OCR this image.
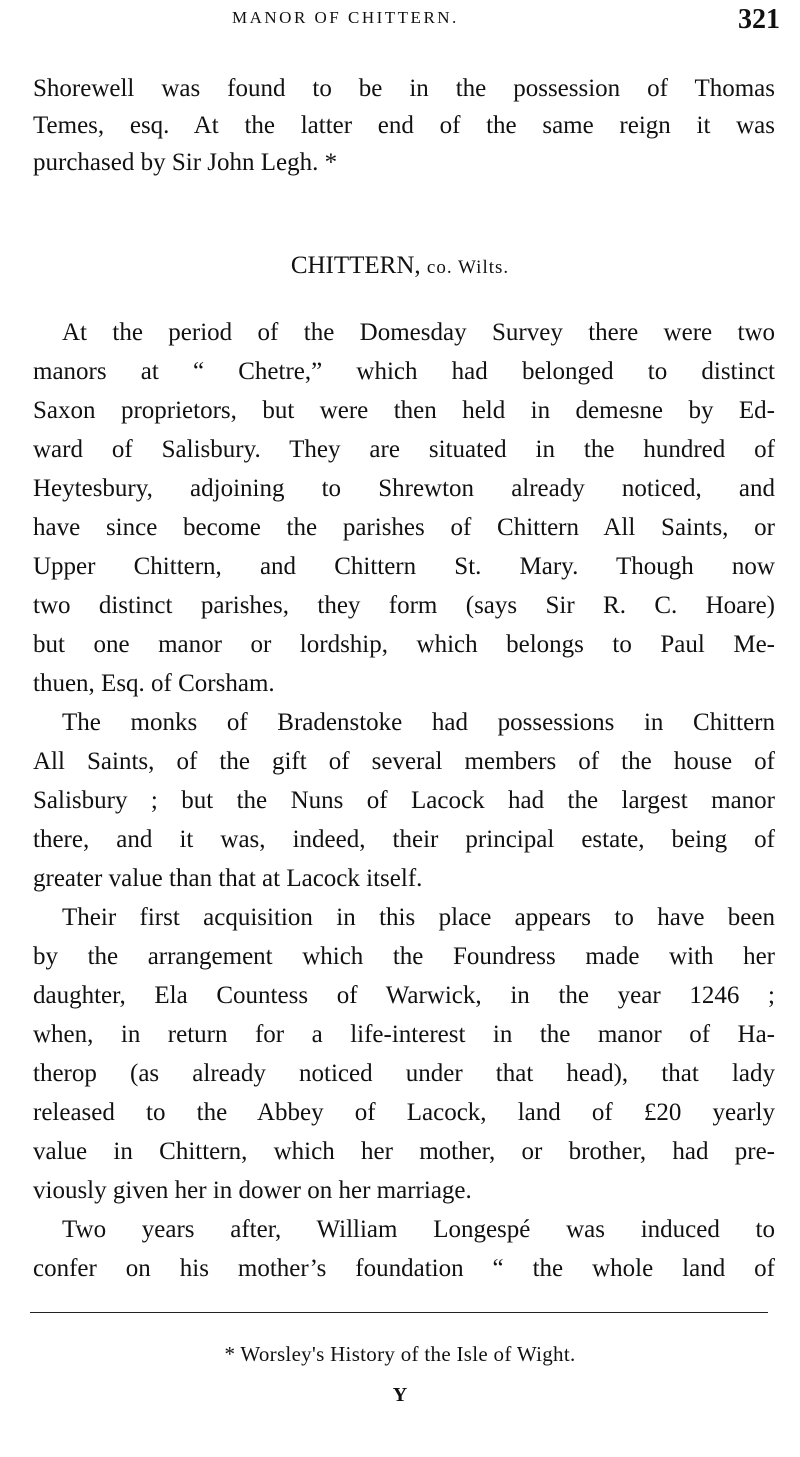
MANOR OF CHITTERN.	321
Shorewell was found to be in the possession of Thomas
Temes, esq. At the latter end of the same reign it was
purchased by Sir John Legh. *
CHITTERN, co. Wilts.
At the period of the Domesday Survey there were two
manors at “ Chetre,” which had belonged to distinct
Saxon proprietors, but were then held in demesne by Ed-
ward of Salisbury. They are situated in the hundred of
Heytesbury, adjoining to Shrewton already noticed, and
have since become the parishes of Chittern All Saints, or
Upper Chittern, and Chittern St. Mary. Though now
two distinct parishes, they form (says Sir R. C. Hoare)
but one manor or lordship, which belongs to Paul Me-
thuen, Esq. of Corsham.
The monks of Bradenstoke had possessions in Chittern
All Saints, of the gift of several members of the house of
Salisbury ; but the Nuns of Lacock had the largest manor
there, and it was, indeed, their principal estate, being of
greater value than that at Lacock itself.
Their first acquisition in this place appears to have been
by the arrangement which the Foundress made with her
daughter, Ela Countess of Warwick, in the year 1246 ;
when, in return for a life-interest in the manor of Ha-
therop (as already noticed under that head), that lady
released to the Abbey of Lacock, land of £20 yearly
value in Chittern, which her mother, or brother, had pre-
viously given her in dower on her marriage.
Two years after, William Longespé was induced to
confer on his mother’s foundation “ the whole land of
* Worsley's History of the Isle of Wight.
Y
